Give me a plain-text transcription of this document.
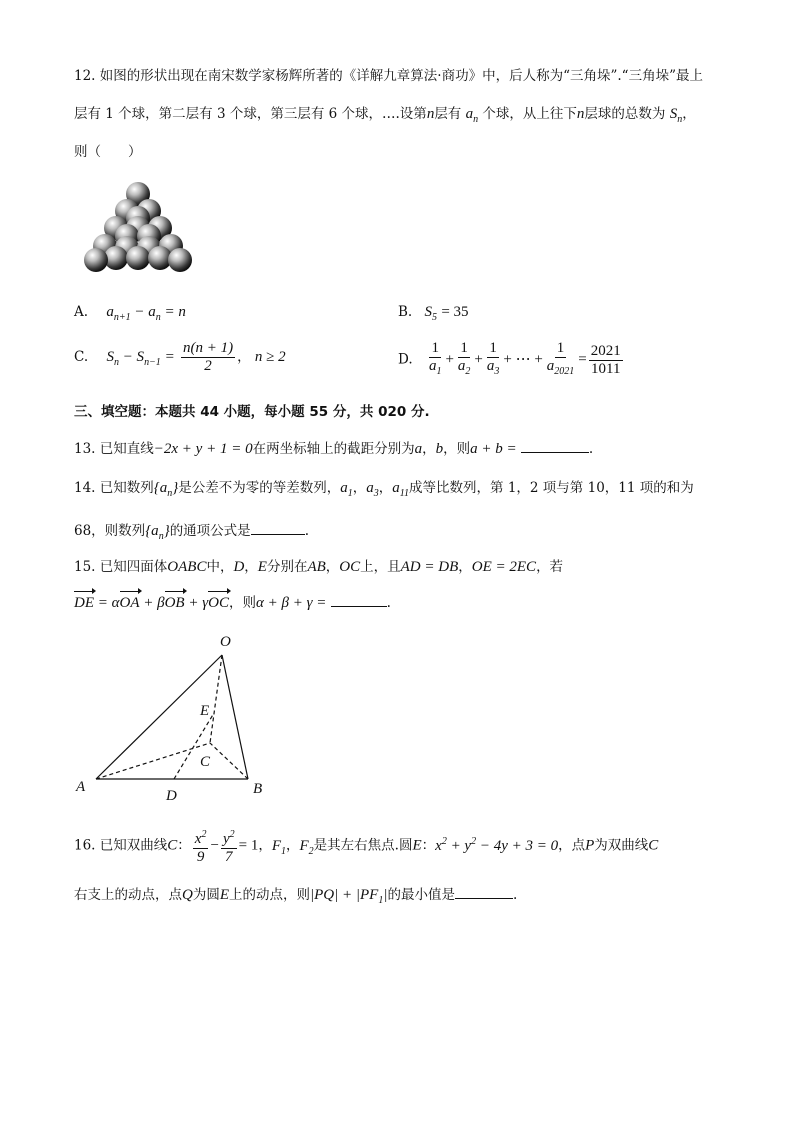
12. 如图的形状出现在南宋数学家杨辉所著的《详解九章算法·商功》中，后人称为“三角垛”.“三角垛”最上
层有 1 个球，第二层有 3 个球，第三层有 6 个球，….设第n层有 $a_n$ 个球，从上往下n层球的总数为 $S_n$，
则（　　）
A. $a_{n+1} - a_n = n$	B. $S_5 = 35$
C. $S_n - S_{n-1} = \frac{n(n + 1)}{2}$ ， n ≥ 2	D. $\frac{1}{a_1} + \frac{1}{a_2} + \frac{1}{a_3}$ + ⋯ + $\frac{1}{a_{2021}} = \frac{2021}{1011}$
三、填空题：本题共 44 小题，每小题 55 分，共 020 分.
13. 已知直线−2x + y + 1 = 0在两坐标轴上的截距分别为a，b，则a + b =	.
14. 已知数列$\{a_n\}$是公差不为零的等差数列，$a_1$，$a_3$，$a_{11}$成等比数列，第 1，2 项与第 10，11 项的和为
68，则数列$\{a_n\}$的通项公式是	.
15. 已知四面体OABC中，D，E分别在AB，OC上，且AD = DB，OE = 2EC，若
DE = αOA + βOB + γOC，则α + β + γ =	.
O
E
C
A
D	B
16. 已知双曲线C： $\frac{x^2}{9} - \frac{y^2}{7} = 1$，$F_1$，$F_2$是其左右焦点.圆E：$x^2 + y^2 - 4y + 3 = 0$，点P为双曲线C
右支上的动点，点Q为圆E上的动点，则$|PQ| + |PF_1|$的最小值是	.
